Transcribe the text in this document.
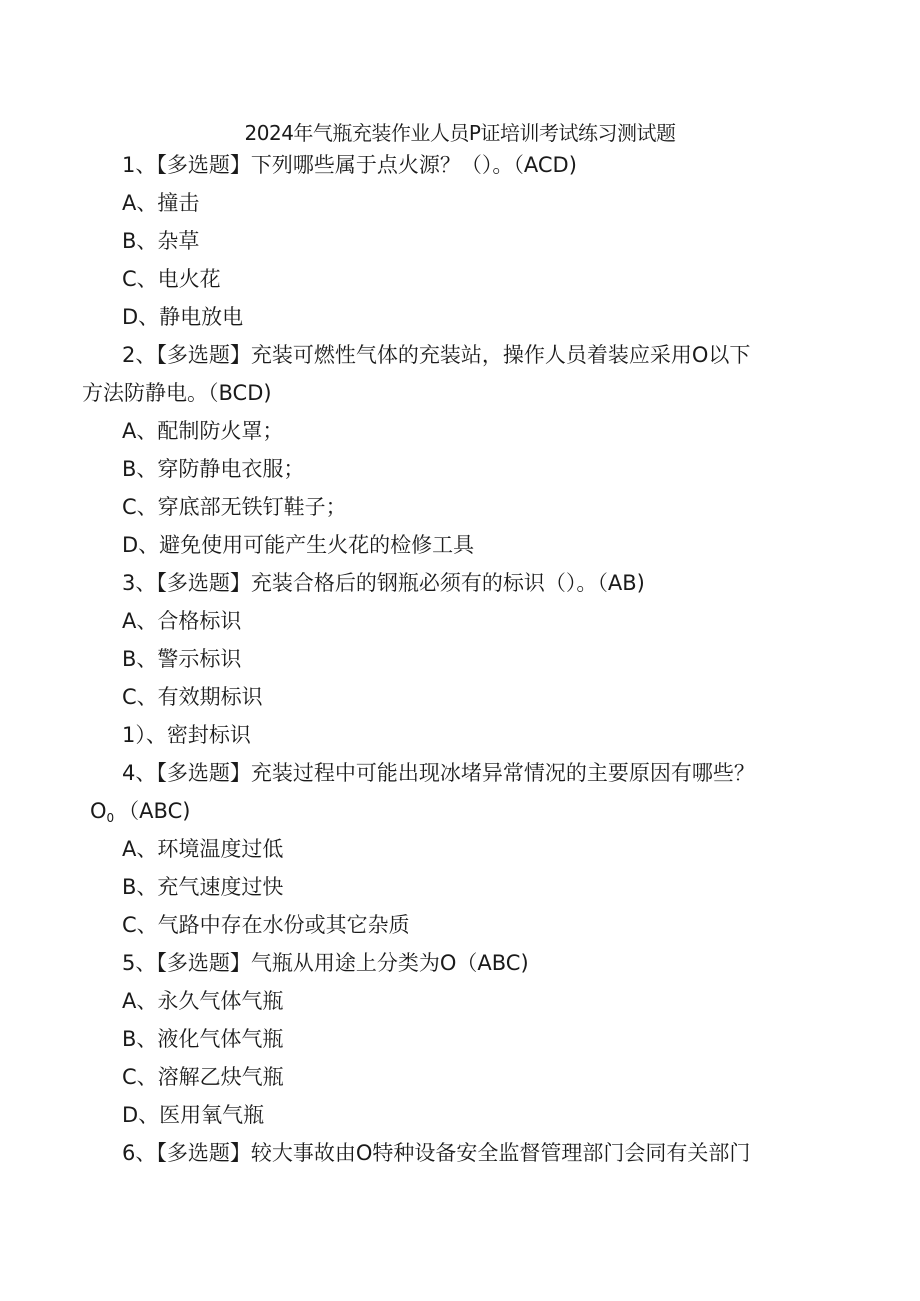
2024年气瓶充装作业人员P证培训考试练习测试题
1、【多选题】下列哪些属于点火源？（）。（ACD)
A、撞击
B、杂草
C、电火花
D、静电放电
2、【多选题】充装可燃性气体的充装站，操作人员着装应采用O以下
方法防静电。（BCD)
A、配制防火罩；
B、穿防静电衣服；
C、穿底部无铁钉鞋子；
D、避免使用可能产生火花的检修工具
3、【多选题】充装合格后的钢瓶必须有的标识（）。（AB)
A、合格标识
B、警示标识
C、有效期标识
1）、密封标识
4、【多选题】充装过程中可能出现冰堵异常情况的主要原因有哪些？
$O_0$ （ABC)
A、环境温度过低
B、充气速度过快
C、气路中存在水份或其它杂质
5、【多选题】气瓶从用途上分类为O（ABC)
A、永久气体气瓶
B、液化气体气瓶
C、溶解乙炔气瓶
D、医用氧气瓶
6、【多选题】较大事故由O特种设备安全监督管理部门会同有关部门
